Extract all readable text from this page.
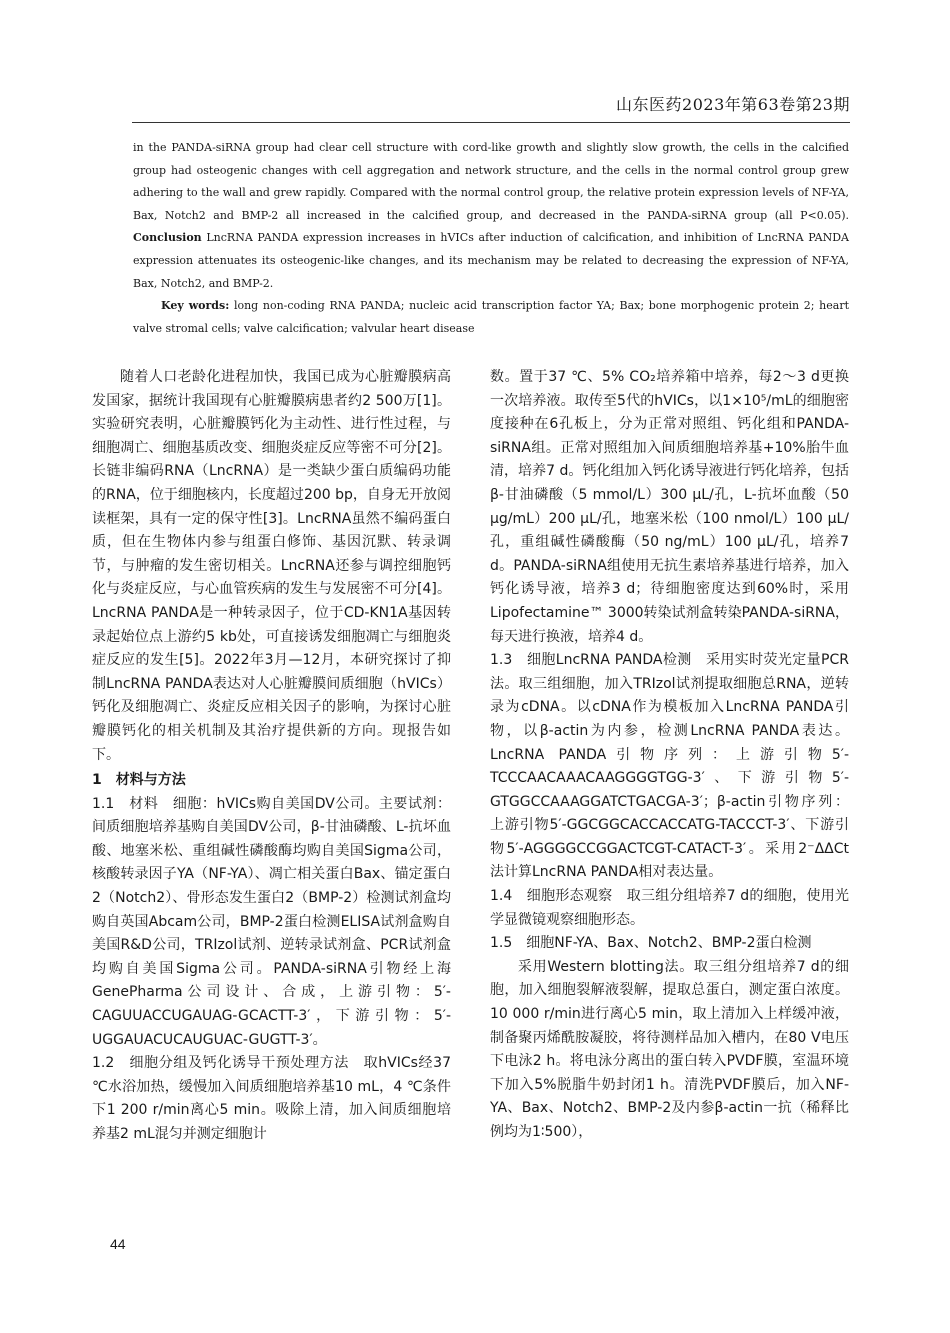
山东医药2023年第63卷第23期
in the PANDA-siRNA group had clear cell structure with cord-like growth and slightly slow growth, the cells in the calcified group had osteogenic changes with cell aggregation and network structure, and the cells in the normal control group grew adhering to the wall and grew rapidly. Compared with the normal control group, the relative protein expression levels of NF-YA, Bax, Notch2 and BMP-2 all increased in the calcified group, and decreased in the PANDA-siRNA group (all P<0.05). Conclusion LncRNA PANDA expression increases in hVICs after induction of calcification, and inhibition of LncRNA PANDA expression attenuates its osteogenic-like changes, and its mechanism may be related to decreasing the expression of NF-YA, Bax, Notch2, and BMP-2.
Key words: long non-coding RNA PANDA; nucleic acid transcription factor YA; Bax; bone morphogenic protein 2; heart valve stromal cells; valve calcification; valvular heart disease

随着人口老龄化进程加快，我国已成为心脏瓣膜病高发国家，据统计我国现有心脏瓣膜病患者约2 500万[1]。实验研究表明，心脏瓣膜钙化为主动性、进行性过程，与细胞凋亡、细胞基质改变、细胞炎症反应等密不可分[2]。长链非编码RNA（LncRNA）是一类缺少蛋白质编码功能的RNA，位于细胞核内，长度超过200 bp，自身无开放阅读框架，具有一定的保守性[3]。LncRNA虽然不编码蛋白质，但在生物体内参与组蛋白修饰、基因沉默、转录调节，与肿瘤的发生密切相关。LncRNA还参与调控细胞钙化与炎症反应，与心血管疾病的发生与发展密不可分[4]。LncRNA PANDA是一种转录因子，位于CD-KN1A基因转录起始位点上游约5 kb处，可直接诱发细胞凋亡与细胞炎症反应的发生[5]。2022年3月—12月，本研究探讨了抑制LncRNA PANDA表达对人心脏瓣膜间质细胞（hVICs）钙化及细胞凋亡、炎症反应相关因子的影响，为探讨心脏瓣膜钙化的相关机制及其治疗提供新的方向。现报告如下。

1　材料与方法

1.1　材料　细胞：hVICs购自美国DV公司。主要试剂：间质细胞培养基购自美国DV公司，β-甘油磷酸、L-抗坏血酸、地塞米松、重组碱性磷酸酶均购自美国Sigma公司，核酸转录因子YA（NF-YA）、凋亡相关蛋白Bax、锚定蛋白2（Notch2）、骨形态发生蛋白2（BMP-2）检测试剂盒均购自英国Abcam公司，BMP-2蛋白检测ELISA试剂盒购自美国R&D公司，TRIzol试剂、逆转录试剂盒、PCR试剂盒均购自美国Sigma公司。PANDA-siRNA引物经上海GenePharma公司设计、合成，上游引物：5′-CAGUUACCUGAUAG-GCACTT-3′，下游引物：5′-UGGAUACUCAUGUAC-GUGTT-3′。

1.2　细胞分组及钙化诱导干预处理方法　取hVICs经37 ℃水浴加热，缓慢加入间质细胞培养基10 mL，4 ℃条件下1 200 r/min离心5 min。吸除上清，加入间质细胞培养基2 mL混匀并测定细胞计

数。置于37 ℃、5% CO₂培养箱中培养，每2～3 d更换一次培养液。取传至5代的hVICs，以1×10⁵/mL的细胞密度接种在6孔板上，分为正常对照组、钙化组和PANDA-siRNA组。正常对照组加入间质细胞培养基+10%胎牛血清，培养7 d。钙化组加入钙化诱导液进行钙化培养，包括β-甘油磷酸（5 mmol/L）300 μL/孔，L-抗坏血酸（50 μg/mL）200 μL/孔，地塞米松（100 nmol/L）100 μL/孔，重组碱性磷酸酶（50 ng/mL）100 μL/孔，培养7 d。PANDA-siRNA组使用无抗生素培养基进行培养，加入钙化诱导液，培养3 d；待细胞密度达到60%时，采用Lipofectamine™ 3000转染试剂盒转染PANDA-siRNA，每天进行换液，培养4 d。

1.3　细胞LncRNA PANDA检测　采用实时荧光定量PCR法。取三组细胞，加入TRIzol试剂提取细胞总RNA，逆转录为cDNA。以cDNA作为模板加入LncRNA PANDA引物，以β-actin为内参，检测LncRNA PANDA表达。LncRNA PANDA引物序列：上游引物5′-TCCCAACAAACAAGGGGTGG-3′、下游引物5′-GTGGCCAAAGGATCTGACGA-3′；β-actin引物序列：上游引物5′-GGCGGCACCACCATG-TACCCT-3′、下游引物5′-AGGGGCCGGACTCGT-CATACT-3′。采用2⁻ΔΔCt法计算LncRNA PANDA相对表达量。

1.4　细胞形态观察　取三组分组培养7 d的细胞，使用光学显微镜观察细胞形态。

1.5　细胞NF-YA、Bax、Notch2、BMP-2蛋白检测

采用Western blotting法。取三组分组培养7 d的细胞，加入细胞裂解液裂解，提取总蛋白，测定蛋白浓度。10 000 r/min进行离心5 min，取上清加入上样缓冲液，制备聚丙烯酰胺凝胶，将待测样品加入槽内，在80 V电压下电泳2 h。将电泳分离出的蛋白转入PVDF膜，室温环境下加入5%脱脂牛奶封闭1 h。清洗PVDF膜后，加入NF-YA、Bax、Notch2、BMP-2及内参β-actin一抗（稀释比例均为1∶500），

44
